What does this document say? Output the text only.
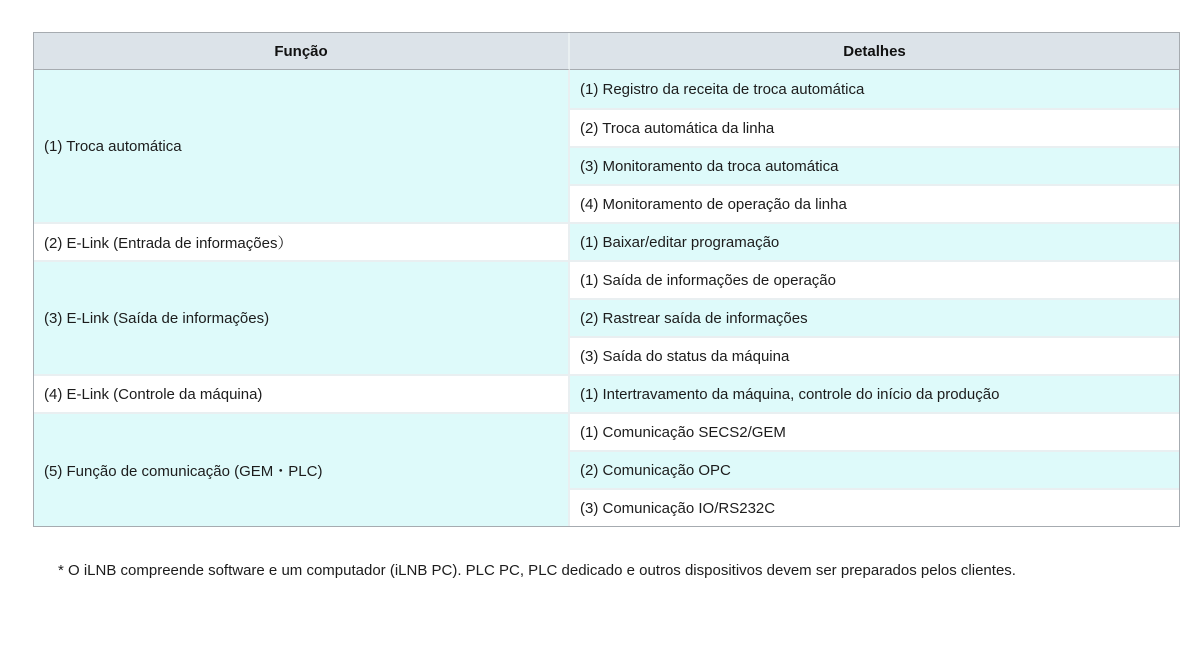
Função	Detalhes
(1) Troca automática	(1) Registro da receita de troca automática
	(2) Troca automática da linha
	(3) Monitoramento da troca automática
	(4) Monitoramento de operação da linha
(2) E-Link (Entrada de informações）	(1) Baixar/editar programação
(3) E-Link (Saída de informações)	(1) Saída de informações de operação
	(2) Rastrear saída de informações
	(3) Saída do status da máquina
(4) E-Link (Controle da máquina)	(1) Intertravamento da máquina, controle do início da produção
(5) Função de comunicação (GEM・PLC)	(1) Comunicação SECS2/GEM
	(2) Comunicação OPC
	(3) Comunicação IO/RS232C
* O iLNB compreende software e um computador (iLNB PC). PLC PC, PLC dedicado e outros dispositivos devem ser preparados pelos clientes.
